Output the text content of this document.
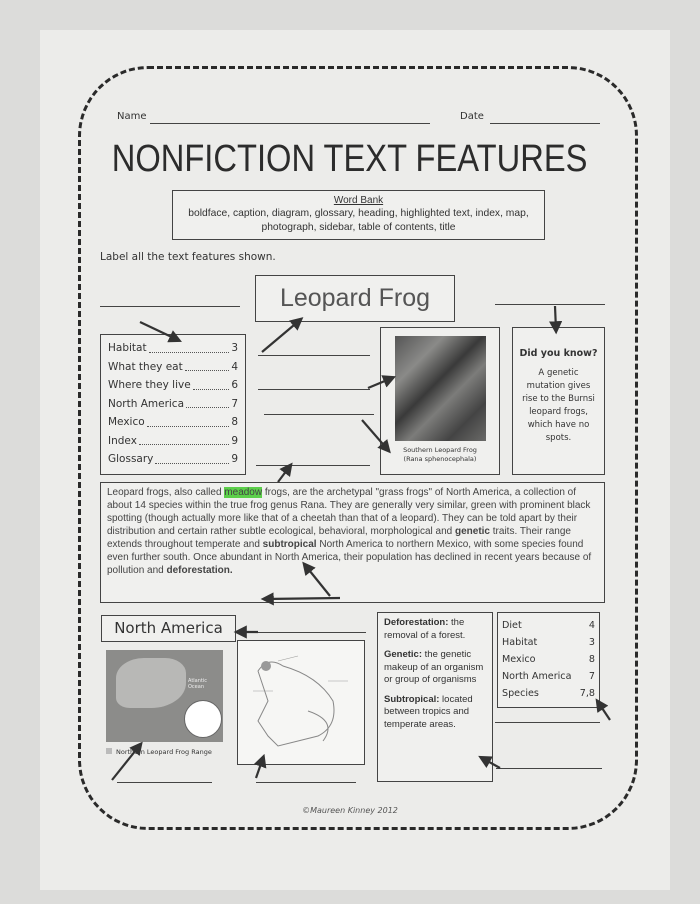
Name	Date
NONFICTION TEXT FEATURES
Word Bank
boldface, caption, diagram, glossary, heading, highlighted text, index, map, photograph, sidebar, table of contents, title
Label all the text features shown.
Leopard Frog
Habitat	3
What they eat	4
Where they live	6
North America	7
Mexico	8
Index	9
Glossary	9
Southern Leopard Frog
(Rana sphenocephala)
Did you know?
A genetic mutation gives rise to the Burnsi leopard frogs, which have no spots.
Leopard frogs, also called meadow frogs, are the archetypal "grass frogs" of North America, a collection of about 14 species within the true frog genus Rana. They are generally very similar, green with prominent black spotting (though actually more like that of a cheetah than that of a leopard). They can be told apart by their distribution and certain rather subtle ecological, behavioral, morphological and genetic traits. Their range extends throughout temperate and subtropical North America to northern Mexico, with some species found even further south. Once abundant in North America, their population has declined in recent years because of pollution and deforestation.
North America
Atlantic Ocean
Northern Leopard Frog Range

Deforestation: the removal of a forest.

Genetic: the genetic makeup of an organism or group of organisms

Subtropical: located between tropics and temperate areas.

Diet	4
Habitat	3
Mexico	8
North America 7
Species	7,8
©Maureen Kinney 2012
